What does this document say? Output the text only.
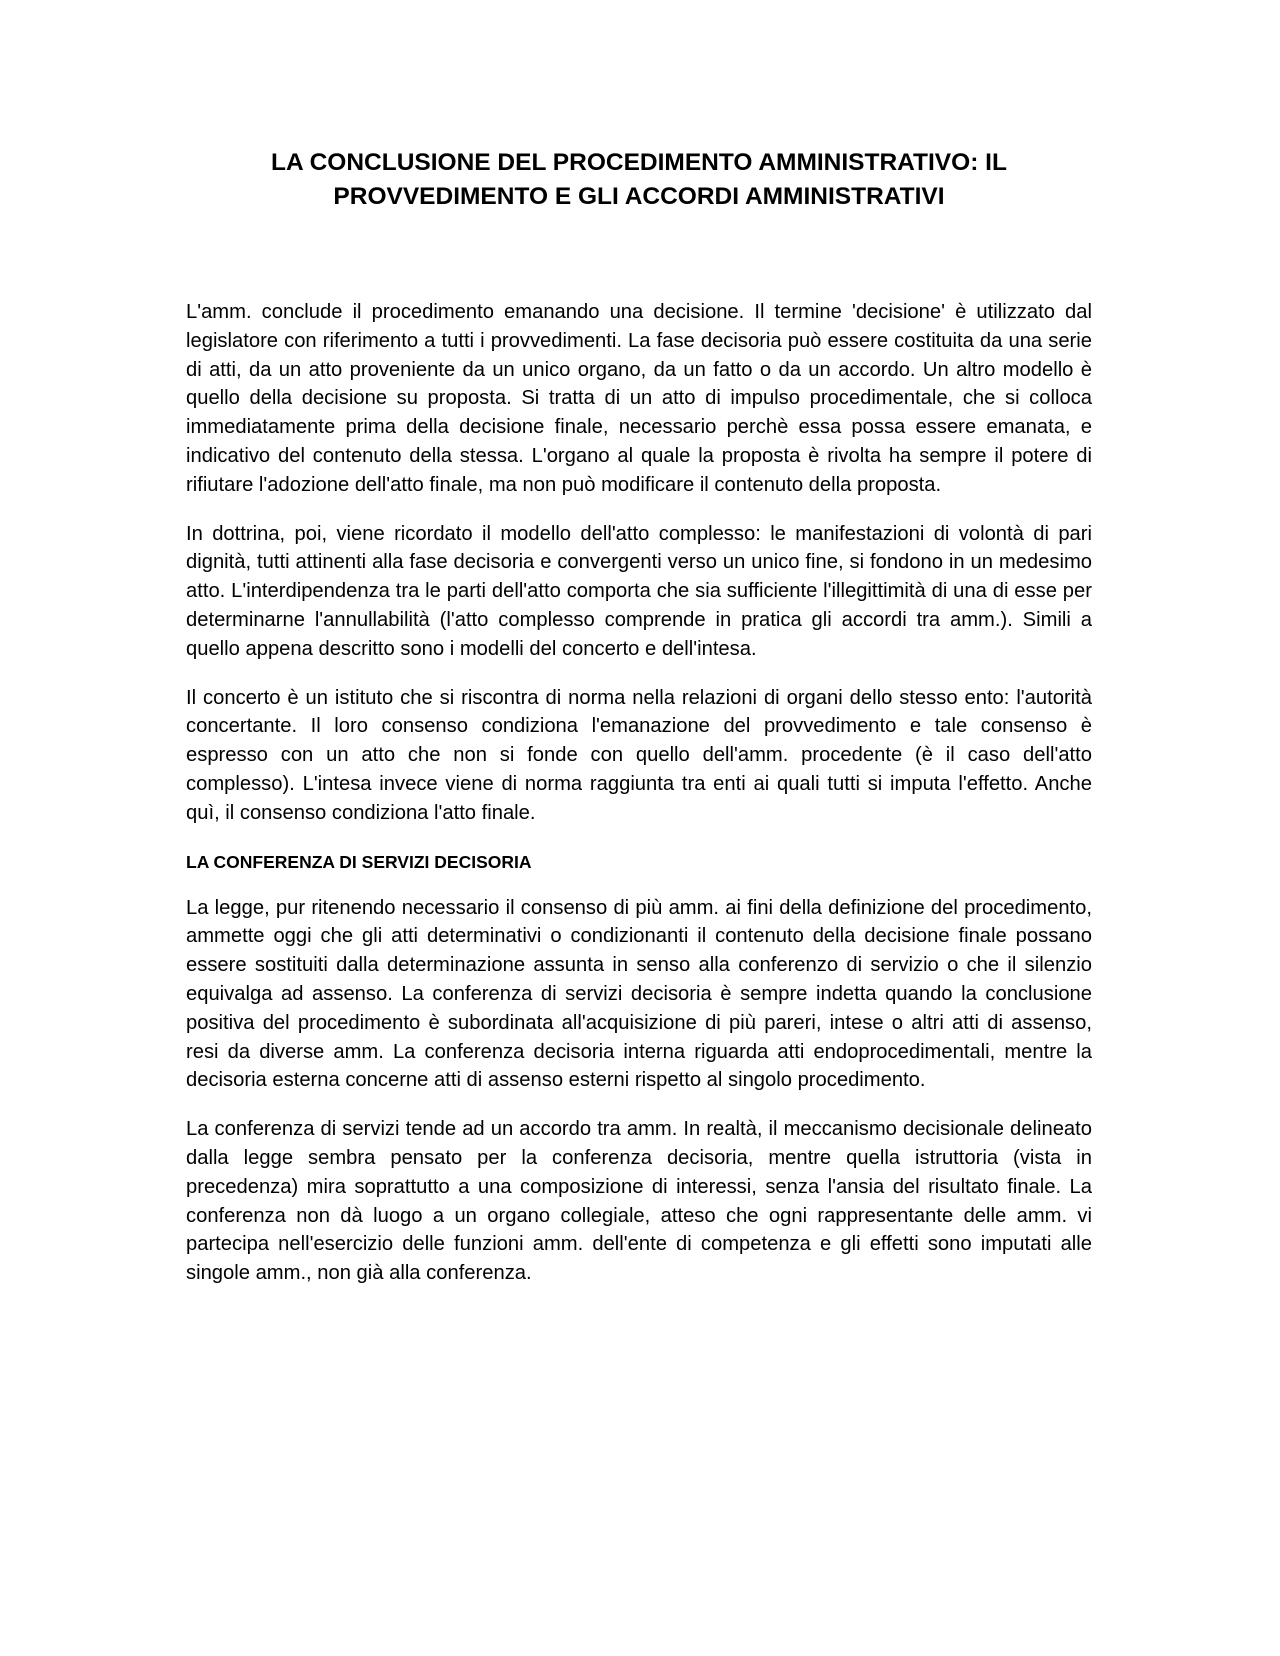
LA CONCLUSIONE DEL PROCEDIMENTO AMMINISTRATIVO: IL
PROVVEDIMENTO E GLI ACCORDI AMMINISTRATIVI

L'amm. conclude il procedimento emanando una decisione. Il termine 'decisione' è utilizzato dal legislatore con riferimento a tutti i provvedimenti. La fase decisoria può essere costituita da una serie di atti, da un atto proveniente da un unico organo, da un fatto o da un accordo. Un altro modello è quello della decisione su proposta. Si tratta di un atto di impulso procedimentale, che si colloca immediatamente prima della decisione finale, necessario perchè essa possa essere emanata, e indicativo del contenuto della stessa. L'organo al quale la proposta è rivolta ha sempre il potere di rifiutare l'adozione dell'atto finale, ma non può modificare il contenuto della proposta.

In dottrina, poi, viene ricordato il modello dell'atto complesso: le manifestazioni di volontà di pari dignità, tutti attinenti alla fase decisoria e convergenti verso un unico fine, si fondono in un medesimo atto. L'interdipendenza tra le parti dell'atto comporta che sia sufficiente l'illegittimità di una di esse per determinarne l'annullabilità (l'atto complesso comprende in pratica gli accordi tra amm.). Simili a quello appena descritto sono i modelli del concerto e dell'intesa.

Il concerto è un istituto che si riscontra di norma nella relazioni di organi dello stesso ento: l'autorità concertante. Il loro consenso condiziona l'emanazione del provvedimento e tale consenso è espresso con un atto che non si fonde con quello dell'amm. procedente (è il caso dell'atto complesso). L'intesa invece viene di norma raggiunta tra enti ai quali tutti si imputa l'effetto. Anche quì, il consenso condiziona l'atto finale.

LA CONFERENZA DI SERVIZI DECISORIA

La legge, pur ritenendo necessario il consenso di più amm. ai fini della definizione del procedimento, ammette oggi che gli atti determinativi o condizionanti il contenuto della decisione finale possano essere sostituiti dalla determinazione assunta in senso alla conferenzo di servizio o che il silenzio equivalga ad assenso. La conferenza di servizi decisoria è sempre indetta quando la conclusione positiva del procedimento è subordinata all'acquisizione di più pareri, intese o altri atti di assenso, resi da diverse amm. La conferenza decisoria interna riguarda atti endoprocedimentali, mentre la decisoria esterna concerne atti di assenso esterni rispetto al singolo procedimento.

La conferenza di servizi tende ad un accordo tra amm. In realtà, il meccanismo decisionale delineato dalla legge sembra pensato per la conferenza decisoria, mentre quella istruttoria (vista in precedenza) mira soprattutto a una composizione di interessi, senza l'ansia del risultato finale. La conferenza non dà luogo a un organo collegiale, atteso che ogni rappresentante delle amm. vi partecipa nell'esercizio delle funzioni amm. dell'ente di competenza e gli effetti sono imputati alle singole amm., non già alla conferenza.
